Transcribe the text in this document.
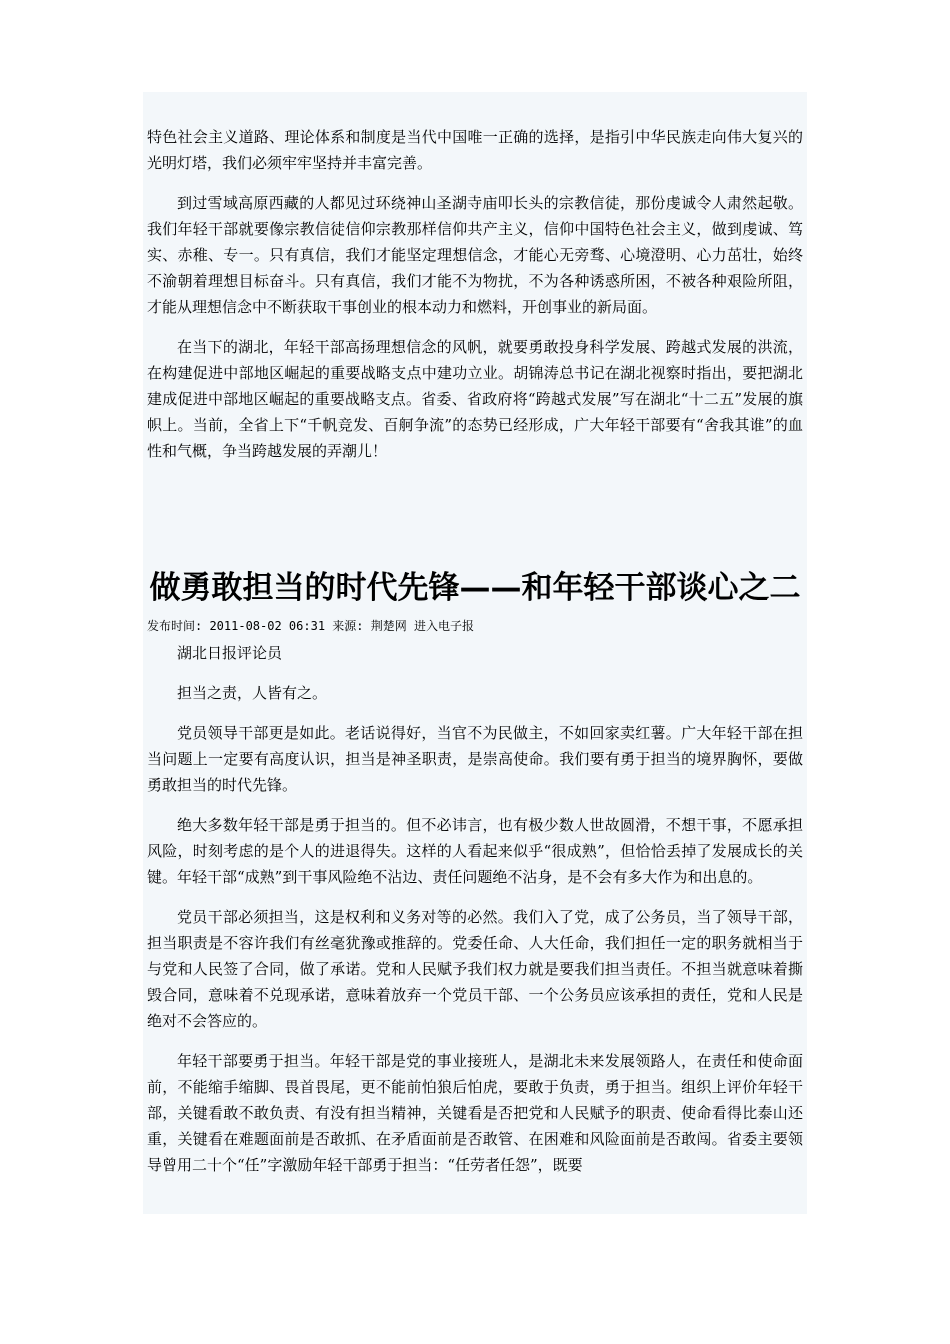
特色社会主义道路、理论体系和制度是当代中国唯一正确的选择，是指引中华民族走向伟大复兴的光明灯塔，我们必须牢牢坚持并丰富完善。

到过雪域高原西藏的人都见过环绕神山圣湖寺庙叩长头的宗教信徒，那份虔诚令人肃然起敬。我们年轻干部就要像宗教信徒信仰宗教那样信仰共产主义，信仰中国特色社会主义，做到虔诚、笃实、赤稚、专一。只有真信，我们才能坚定理想信念，才能心无旁骛、心境澄明、心力茁壮，始终不渝朝着理想目标奋斗。只有真信，我们才能不为物扰，不为各种诱惑所困，不被各种艰险所阻，才能从理想信念中不断获取干事创业的根本动力和燃料，开创事业的新局面。

在当下的湖北，年轻干部高扬理想信念的风帆，就要勇敢投身科学发展、跨越式发展的洪流，在构建促进中部地区崛起的重要战略支点中建功立业。胡锦涛总书记在湖北视察时指出，要把湖北建成促进中部地区崛起的重要战略支点。省委、省政府将“跨越式发展”写在湖北“十二五”发展的旗帜上。当前，全省上下“千帆竞发、百舸争流”的态势已经形成，广大年轻干部要有“舍我其谁”的血性和气概，争当跨越发展的弄潮儿！

做勇敢担当的时代先锋——和年轻干部谈心之二
发布时间: 2011-08-02 06:31 来源: 荆楚网 进入电子报

湖北日报评论员

担当之责，人皆有之。

党员领导干部更是如此。老话说得好，当官不为民做主，不如回家卖红薯。广大年轻干部在担当问题上一定要有高度认识，担当是神圣职责，是崇高使命。我们要有勇于担当的境界胸怀，要做勇敢担当的时代先锋。

绝大多数年轻干部是勇于担当的。但不必讳言，也有极少数人世故圆滑，不想干事，不愿承担风险，时刻考虑的是个人的进退得失。这样的人看起来似乎“很成熟”，但恰恰丢掉了发展成长的关键。年轻干部“成熟”到干事风险绝不沾边、责任问题绝不沾身，是不会有多大作为和出息的。

党员干部必须担当，这是权利和义务对等的必然。我们入了党，成了公务员，当了领导干部，担当职责是不容许我们有丝毫犹豫或推辞的。党委任命、人大任命，我们担任一定的职务就相当于与党和人民签了合同，做了承诺。党和人民赋予我们权力就是要我们担当责任。不担当就意味着撕毁合同，意味着不兑现承诺，意味着放弃一个党员干部、一个公务员应该承担的责任，党和人民是绝对不会答应的。

年轻干部要勇于担当。年轻干部是党的事业接班人，是湖北未来发展领路人，在责任和使命面前，不能缩手缩脚、畏首畏尾，更不能前怕狼后怕虎，要敢于负责，勇于担当。组织上评价年轻干部，关键看敢不敢负责、有没有担当精神，关键看是否把党和人民赋予的职责、使命看得比泰山还重，关键看在难题面前是否敢抓、在矛盾面前是否敢管、在困难和风险面前是否敢闯。省委主要领导曾用二十个“任”字激励年轻干部勇于担当：“任劳者任怨”，既要
